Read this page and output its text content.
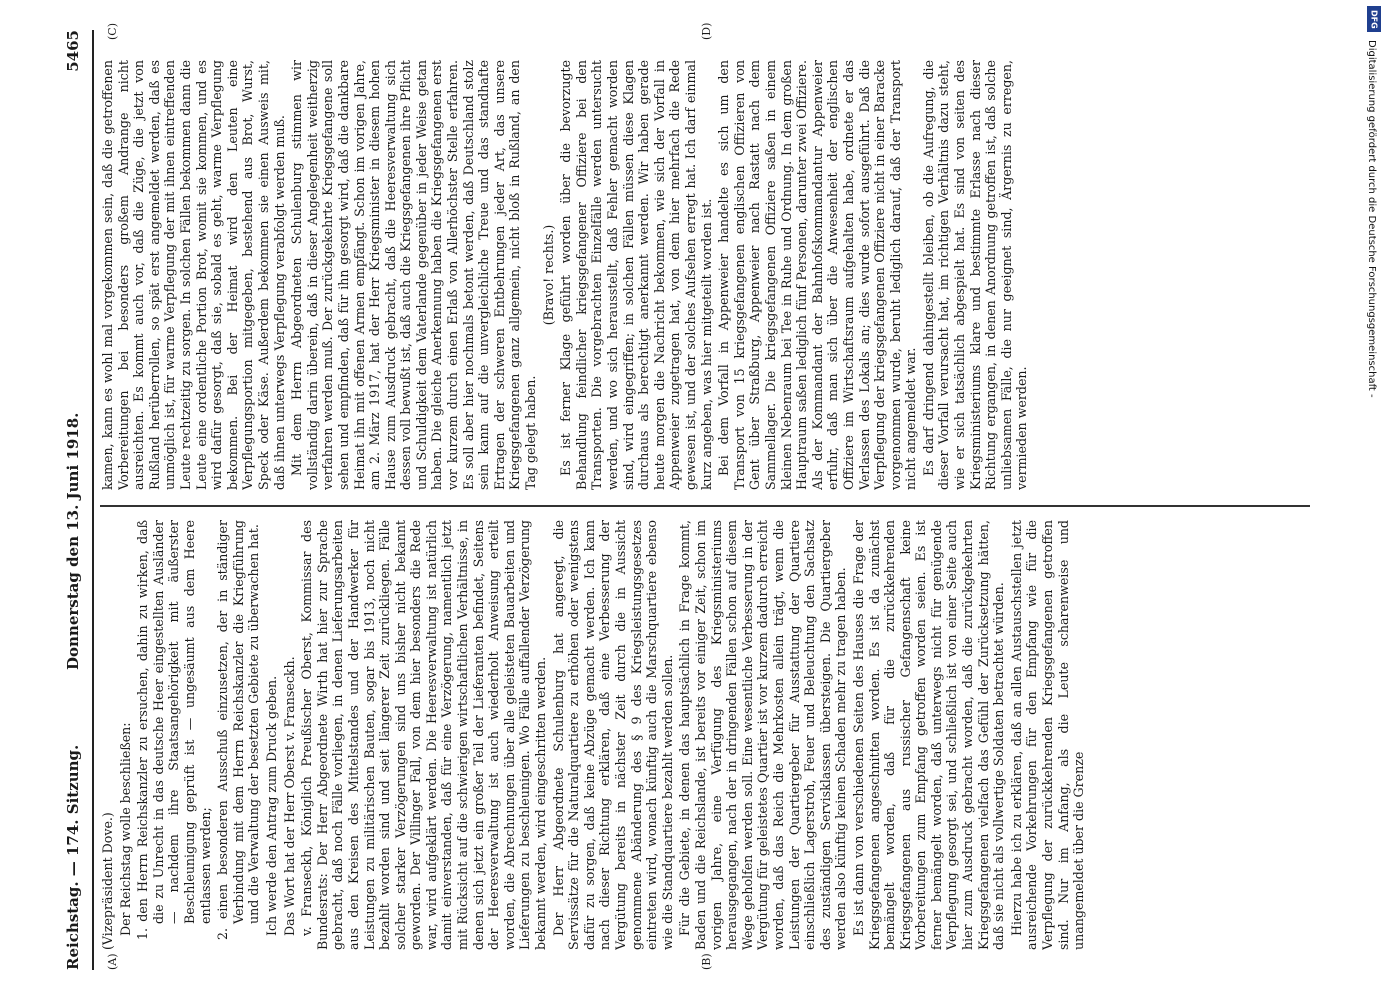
Reichstag. — 174. Sitzung.
Donnerstag den 13. Juni 1918.
5465
(A)	(B)
(C)	(D)

(Vizepräsident Dove.) Der Reichstag wolle beschließen: 1. den Herrn Reichskanzler zu ersuchen, dahin zu wirken, daß die zu Unrecht in das deutsche Heer eingestellten Ausländer — nachdem ihre Staatsangehörigkeit mit äußerster Beschleunigung geprüft ist — ungesäumt aus dem Heere entlassen werden; 2. einen besonderen Ausschuß einzusetzen, der in ständiger Verbindung mit dem Herrn Reichskanzler die Kriegführung und die Verwaltung der besetzten Gebiete zu überwachen hat. Ich werde den Antrag zum Druck geben. Das Wort hat der Herr Oberst v. Franseckh. v. Franseckh, Königlich Preußischer Oberst, Kommissar des Bundesrats: Der Herr Abgeordnete Wirth hat hier zur Sprache gebracht, daß noch Fälle vorliegen, in denen Lieferungsarbeiten aus den Kreisen des Mittelstandes und der Handwerker für Leistungen zu militärischen Bauten, sogar bis 1913, noch nicht bezahlt worden sind und seit längerer Zeit zurückliegen. Fälle solcher starker Verzögerungen sind uns bisher nicht bekannt geworden. Der Villinger Fall, von dem hier besonders die Rede war, wird aufgeklärt werden. Die Heeresverwaltung ist natürlich damit einverstanden, daß für eine Verzögerung, namentlich jetzt mit Rücksicht auf die schwierigen wirtschaftlichen Verhältnisse, in denen sich jetzt ein großer Teil der Lieferanten befindet, Seitens der Heeresverwaltung ist auch wiederholt Anweisung erteilt worden, die Abrechnungen über alle geleisteten Bauarbeiten und Lieferungen zu beschleunigen. Wo Fälle auffallender Verzögerung bekannt werden, wird eingeschritten werden. Der Herr Abgeordnete Schulenburg hat angeregt, die Servissätze für die Naturalquartiere zu erhöhen oder wenigstens dafür zu sorgen, daß keine Abzüge gemacht werden. Ich kann nach dieser Richtung erklären, daß eine Verbesserung der Vergütung bereits in nächster Zeit durch die in Aussicht genommene Abänderung des § 9 des Kriegsleistungsgesetzes eintreten wird, wonach künftig auch die Marschquartiere ebenso wie die Standquartiere bezahlt werden sollen. Für die Gebiete, in denen das hauptsächlich in Frage kommt, Baden und die Reichslande, ist bereits vor einiger Zeit, schon im vorigen Jahre, eine Verfügung des Kriegsministeriums herausgegangen, nach der in dringenden Fällen schon auf diesem Wege geholfen werden soll. Eine wesentliche Verbesserung in der Vergütung für geleistetes Quartier ist vor kurzem dadurch erreicht worden, daß das Reich die Mehrkosten allein trägt, wenn die Leistungen der Quartiergeber für Ausstattung der Quartiere einschließlich Lagerstroh, Feuer und Beleuchtung den Sachsatz des zuständigen Servisklassen übersteigen. Die Quartiergeber werden also künftig keinen Schaden mehr zu tragen haben. Es ist dann von verschiedenen Seiten des Hauses die Frage der Kriegsgefangenen angeschnitten worden. Es ist da zunächst bemängelt worden, daß für die zurückkehrenden Kriegsgefangenen aus russischer Gefangenschaft keine Vorbereitungen zum Empfang getroffen worden seien. Es ist ferner bemängelt worden, daß unterwegs nicht für genügende Verpflegung gesorgt sei, und schließlich ist von einer Seite auch hier zum Ausdruck gebracht worden, daß die zurückgekehrten Kriegsgefangenen vielfach das Gefühl der Zurücksetzung hätten, daß sie nicht als vollwertige Soldaten betrachtet würden. Hierzu habe ich zu erklären, daß an allen Austauschstellen jetzt ausreichende Vorkehrungen für den Empfang wie für die Verpflegung der zurückkehrenden Kriegsgefangenen getroffen sind. Nur im Anfang, als die Leute scharenweise und unangemeldet über die Grenze

kamen, kann es wohl mal vorgekommen sein, daß die getroffenen Vorbereitungen bei besonders großem Andrange nicht ausreichten. Es kommt auch vor, daß die Züge, die jetzt von Rußland herüberrollen, so spät erst angemeldet werden, daß es unmöglich ist, für warme Verpflegung der mit ihnen eintreffenden Leute rechtzeitig zu sorgen. In solchen Fällen bekommen dann die Leute eine ordentliche Portion Brot, womit sie kommen, und es wird dafür gesorgt, daß sie, sobald es geht, warme Verpflegung bekommen. Bei der Heimat wird den Leuten eine Verpflegungsportion mitgegeben, bestehend aus Brot, Wurst, Speck oder Käse. Außerdem bekommen sie einen Ausweis mit, daß ihnen unterwegs Verpflegung verabfolgt werden muß. Mit dem Herrn Abgeordneten Schulenburg stimmen wir vollständig darin überein, daß in dieser Angelegenheit weitherzig verfahren werden muß. Der zurückgekehrte Kriegsgefangene soll sehen und empfinden, daß für ihn gesorgt wird, daß die dankbare Heimat ihn mit offenen Armen empfängt. Schon im vorigen Jahre, am 2. März 1917, hat der Herr Kriegsminister in diesem hohen Hause zum Ausdruck gebracht, daß die Heeresverwaltung sich dessen voll bewußt ist, daß auch die Kriegsgefangenen ihre Pflicht und Schuldigkeit dem Vaterlande gegenüber in jeder Weise getan haben. Die gleiche Anerkennung haben die Kriegsgefangenen erst vor kurzem durch einen Erlaß von Allerhöchster Stelle erfahren. Es soll aber hier nochmals betont werden, daß Deutschland stolz sein kann auf die unvergleichliche Treue und das standhafte Ertragen der schweren Entbehrungen jeder Art, das unsere Kriegsgefangenen ganz allgemein, nicht bloß in Rußland, an den Tag gelegt haben.

(Bravo! rechts.) Es ist ferner Klage geführt worden über die bevorzugte Behandlung feindlicher kriegsgefangener Offiziere bei den Transporten. Die vorgebrachten Einzelfälle werden untersucht werden, und wo sich herausstellt, daß Fehler gemacht worden sind, wird eingegriffen; in solchen Fällen müssen diese Klagen durchaus als berechtigt anerkannt werden. Wir haben gerade heute morgen die Nachricht bekommen, wie sich der Vorfall in Appenweier zugetragen hat, von dem hier mehrfach die Rede gewesen ist, und der solches Aufsehen erregt hat. Ich darf einmal kurz angeben, was hier mitgeteilt worden ist. Bei dem Vorfall in Appenweier handelte es sich um den Transport von 15 kriegsgefangenen englischen Offizieren von Gent über Straßburg, Appenweier nach Rastatt nach dem Sammellager. Die kriegsgefangenen Offiziere saßen in einem kleinen Nebenraum bei Tee in Ruhe und Ordnung. In dem großen Hauptraum saßen lediglich fünf Personen, darunter zwei Offiziere. Als der Kommandant der Bahnhofskommandantur Appenweier erfuhr, daß man sich über die Anwesenheit der englischen Offiziere im Wirtschaftsraum aufgehalten habe, ordnete er das Verlassen des Lokals an; dies wurde sofort ausgeführt. Daß die Verpflegung der kriegsgefangenen Offiziere nicht in einer Baracke vorgenommen wurde, beruht lediglich darauf, daß der Transport nicht angemeldet war. Es darf dringend dahingestellt bleiben, ob die Aufregung, die dieser Vorfall verursacht hat, im richtigen Verhältnis dazu steht, wie er sich tatsächlich abgespielt hat. Es sind von seiten des Kriegsministeriums klare und bestimmte Erlasse nach dieser Richtung ergangen, in denen Anordnung getroffen ist, daß solche unliebsamen Fälle, die nur geeignet sind, Ärgernis zu erregen, vermieden werden.

DFG
Digitalisierung gefördert durch die Deutsche Forschungsgemeinschaft -
